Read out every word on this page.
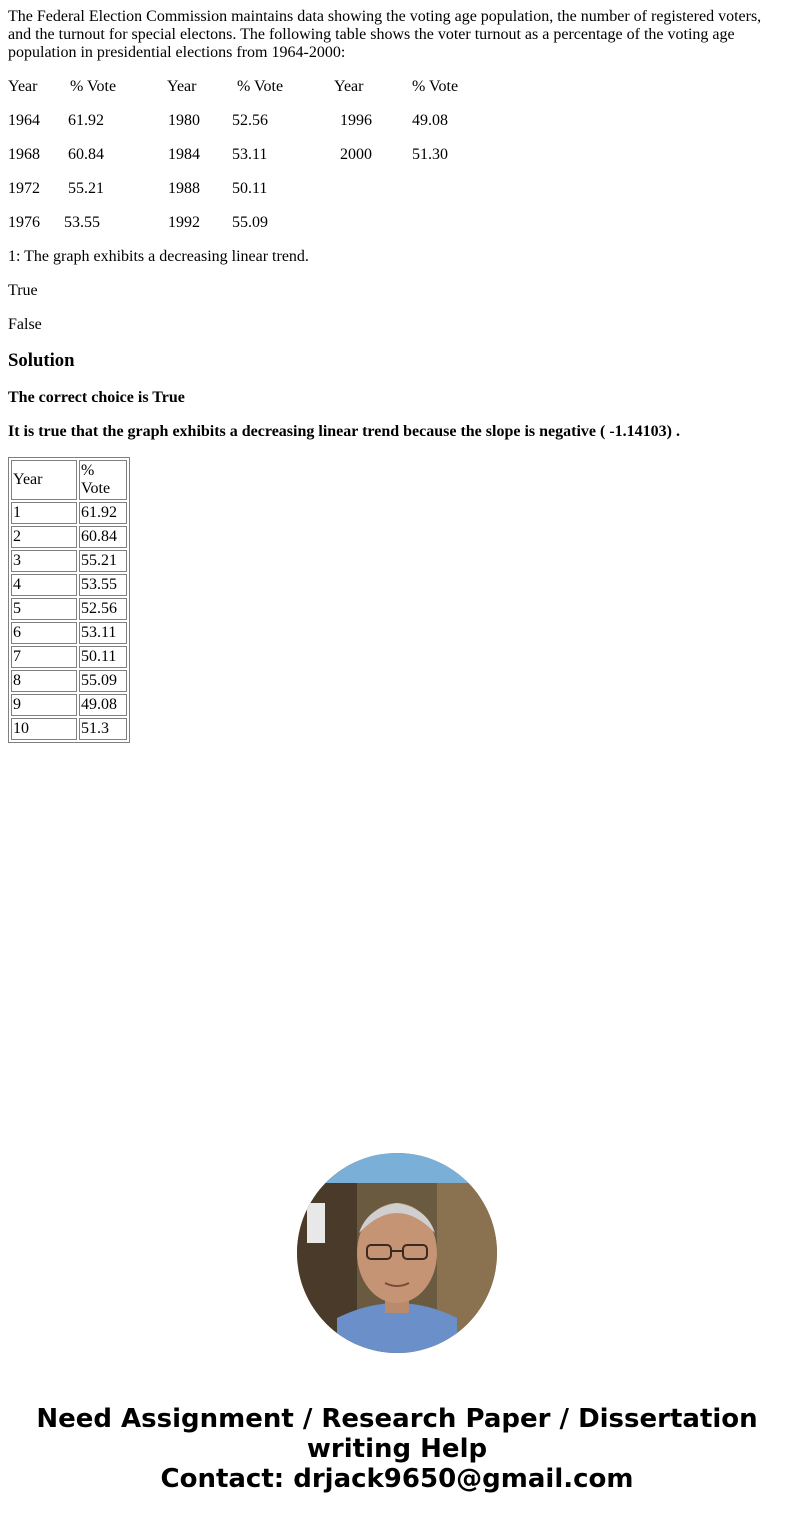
The Federal Election Commission maintains data showing the voting age population, the number of registered voters, and the turnout for special electons. The following table shows the voter turnout as a percentage of the voting age population in presidential elections from 1964-2000:

Year % Vote	Year	% Vote	Year	% Vote
1964 61.92	1980 52.56	1996	49.08
1968 60.84	1984 53.11	2000	51.30
1972 55.21	1988 50.11
1976 53.55	1992 55.09

1: The graph exhibits a decreasing linear trend.

True

False

Solution

The correct choice is True

It is true that the graph exhibits a decreasing linear trend because the slope is negative ( -1.14103) .

Year	% Vote
1	61.92
2	60.84
3	55.21
4	53.55
5	52.56
6	53.11
7	50.11
8	55.09
9	49.08
10	51.3
Need Assignment / Research Paper / Dissertation
writing Help
Contact: drjack9650@gmail.com
